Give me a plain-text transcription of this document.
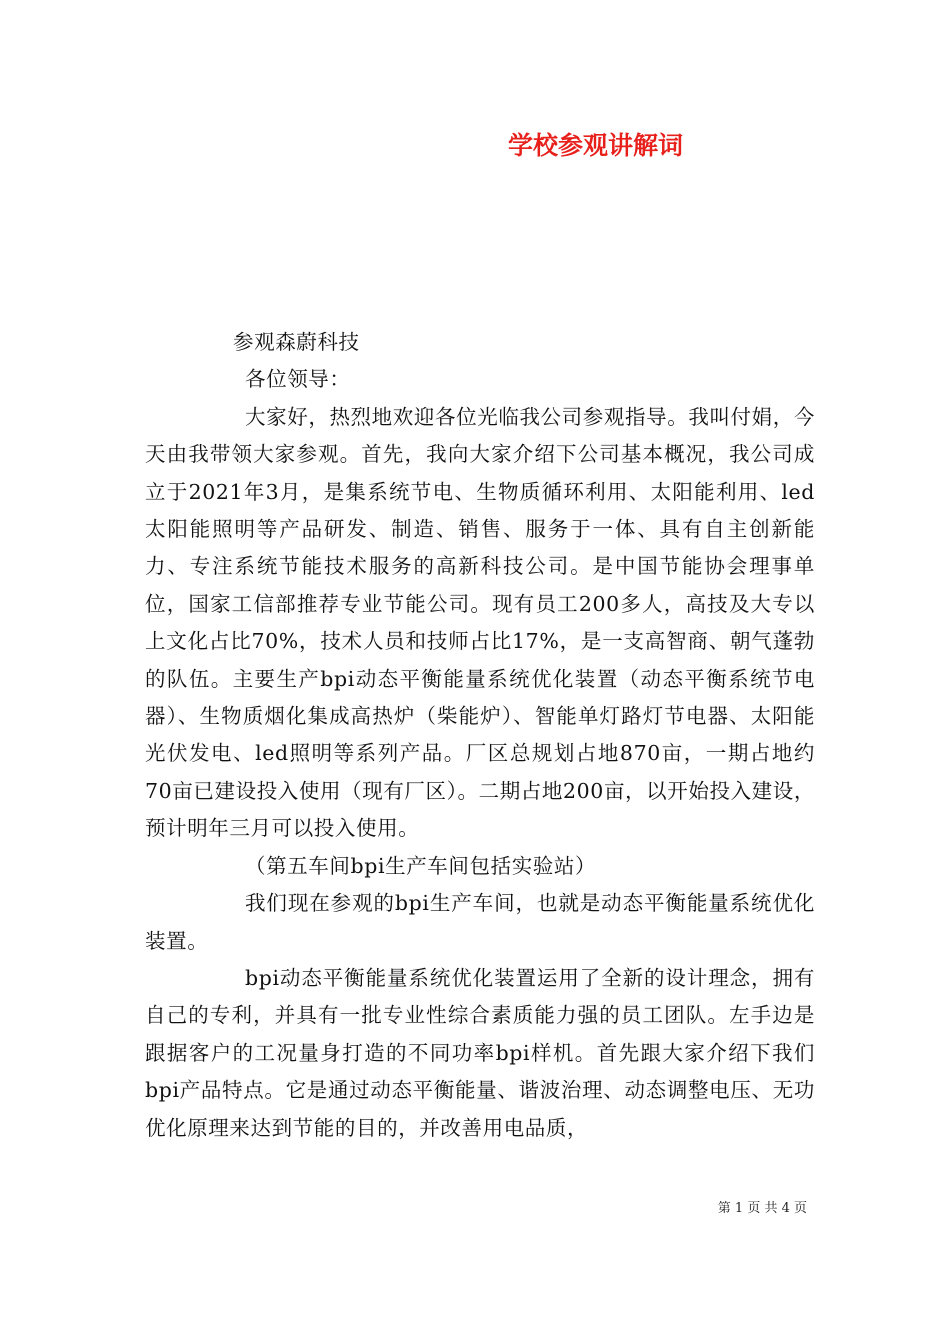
学校参观讲解词

参观森蔚科技

各位领导：

大家好，热烈地欢迎各位光临我公司参观指导。我叫付娟，今天由我带领大家参观。首先，我向大家介绍下公司基本概况，我公司成立于2021年3月，是集系统节电、生物质循环利用、太阳能利用、led太阳能照明等产品研发、制造、销售、服务于一体、具有自主创新能力、专注系统节能技术服务的高新科技公司。是中国节能协会理事单位，国家工信部推荐专业节能公司。现有员工200多人，高技及大专以上文化占比70%，技术人员和技师占比17%，是一支高智商、朝气蓬勃的队伍。主要生产bpi动态平衡能量系统优化装置（动态平衡系统节电器）、生物质烟化集成高热炉（柴能炉）、智能单灯路灯节电器、太阳能光伏发电、led照明等系列产品。厂区总规划占地870亩，一期占地约70亩已建设投入使用（现有厂区）。二期占地200亩，以开始投入建设，预计明年三月可以投入使用。

（第五车间bpi生产车间包括实验站）

我们现在参观的bpi生产车间，也就是动态平衡能量系统优化装置。

bpi动态平衡能量系统优化装置运用了全新的设计理念，拥有自己的专利，并具有一批专业性综合素质能力强的员工团队。左手边是跟据客户的工况量身打造的不同功率bpi样机。首先跟大家介绍下我们bpi产品特点。它是通过动态平衡能量、谐波治理、动态调整电压、无功优化原理来达到节能的目的，并改善用电品质，

第 1 页 共 4 页
